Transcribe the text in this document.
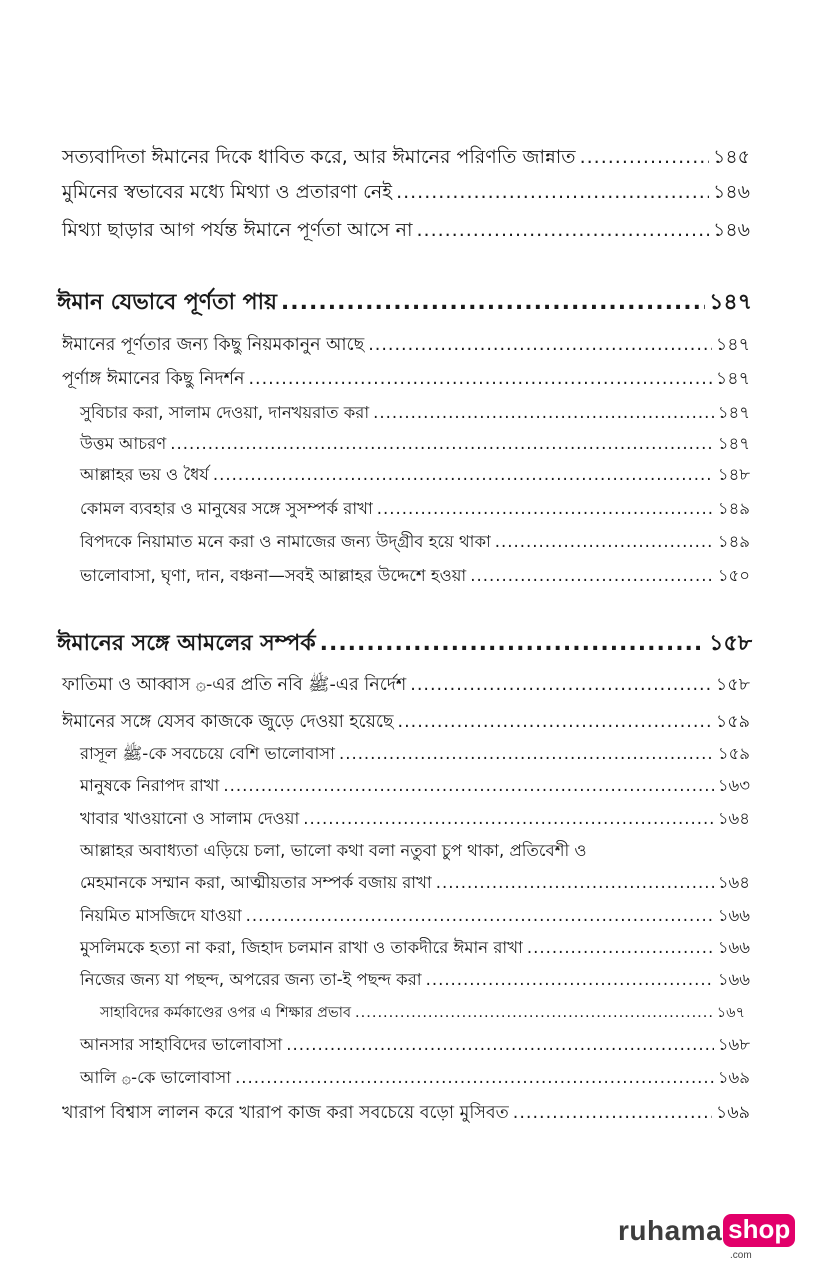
সত্যবাদিতা ঈমানের দিকে ধাবিত করে, আর ঈমানের পরিণতি জান্নাত .....	১৪৫
মুমিনের স্বভাবের মধ্যে মিথ্যা ও প্রতারণা নেই .....	১৪৬
মিথ্যা ছাড়ার আগ পর্যন্ত ঈমানে পূর্ণতা আসে না .....	১৪৬
ঈমান যেভাবে পূর্ণতা পায় .....	১৪৭
ঈমানের পূর্ণতার জন্য কিছু নিয়মকানুন আছে .....	১৪৭
পূর্ণাঙ্গ ঈমানের কিছু নিদর্শন .....	১৪৭
সুবিচার করা, সালাম দেওয়া, দানখয়রাত করা .....	১৪৭
উত্তম আচরণ .....	১৪৭
আল্লাহর ভয় ও ধৈর্য .....	১৪৮
কোমল ব্যবহার ও মানুষের সঙ্গে সুসম্পর্ক রাখা .....	১৪৯
বিপদকে নিয়ামাত মনে করা ও নামাজের জন্য উদ্‌গ্রীব হয়ে থাকা .....	১৪৯
ভালোবাসা, ঘৃণা, দান, বঞ্চনা—সবই আল্লাহর উদ্দেশে হওয়া .....	১৫০
ঈমানের সঙ্গে আমলের সম্পর্ক .....	১৫৮
ফাতিমা ও আব্বাস ۞-এর প্রতি নবি ﷺ-এর নির্দেশ .....	১৫৮
ঈমানের সঙ্গে যেসব কাজকে জুড়ে দেওয়া হয়েছে .....	১৫৯
রাসূল ﷺ-কে সবচেয়ে বেশি ভালোবাসা .....	১৫৯
মানুষকে নিরাপদ রাখা .....	১৬৩
খাবার খাওয়ানো ও সালাম দেওয়া .....	১৬৪
আল্লাহর অবাধ্যতা এড়িয়ে চলা, ভালো কথা বলা নতুবা চুপ থাকা, প্রতিবেশী ও
মেহমানকে সম্মান করা, আত্মীয়তার সম্পর্ক বজায় রাখা .....	১৬৪
নিয়মিত মাসজিদে যাওয়া .....	১৬৬
মুসলিমকে হত্যা না করা, জিহাদ চলমান রাখা ও তাকদীরে ঈমান রাখা .....	১৬৬
নিজের জন্য যা পছন্দ, অপরের জন্য তা-ই পছন্দ করা .....	১৬৬
সাহাবিদের কর্মকাণ্ডের ওপর এ শিক্ষার প্রভাব .....	১৬৭
আনসার সাহাবিদের ভালোবাসা .....	১৬৮
আলি ۞-কে ভালোবাসা .....	১৬৯
খারাপ বিশ্বাস লালন করে খারাপ কাজ করা সবচেয়ে বড়ো মুসিবত .....	১৬৯
ruhama shop
.com
